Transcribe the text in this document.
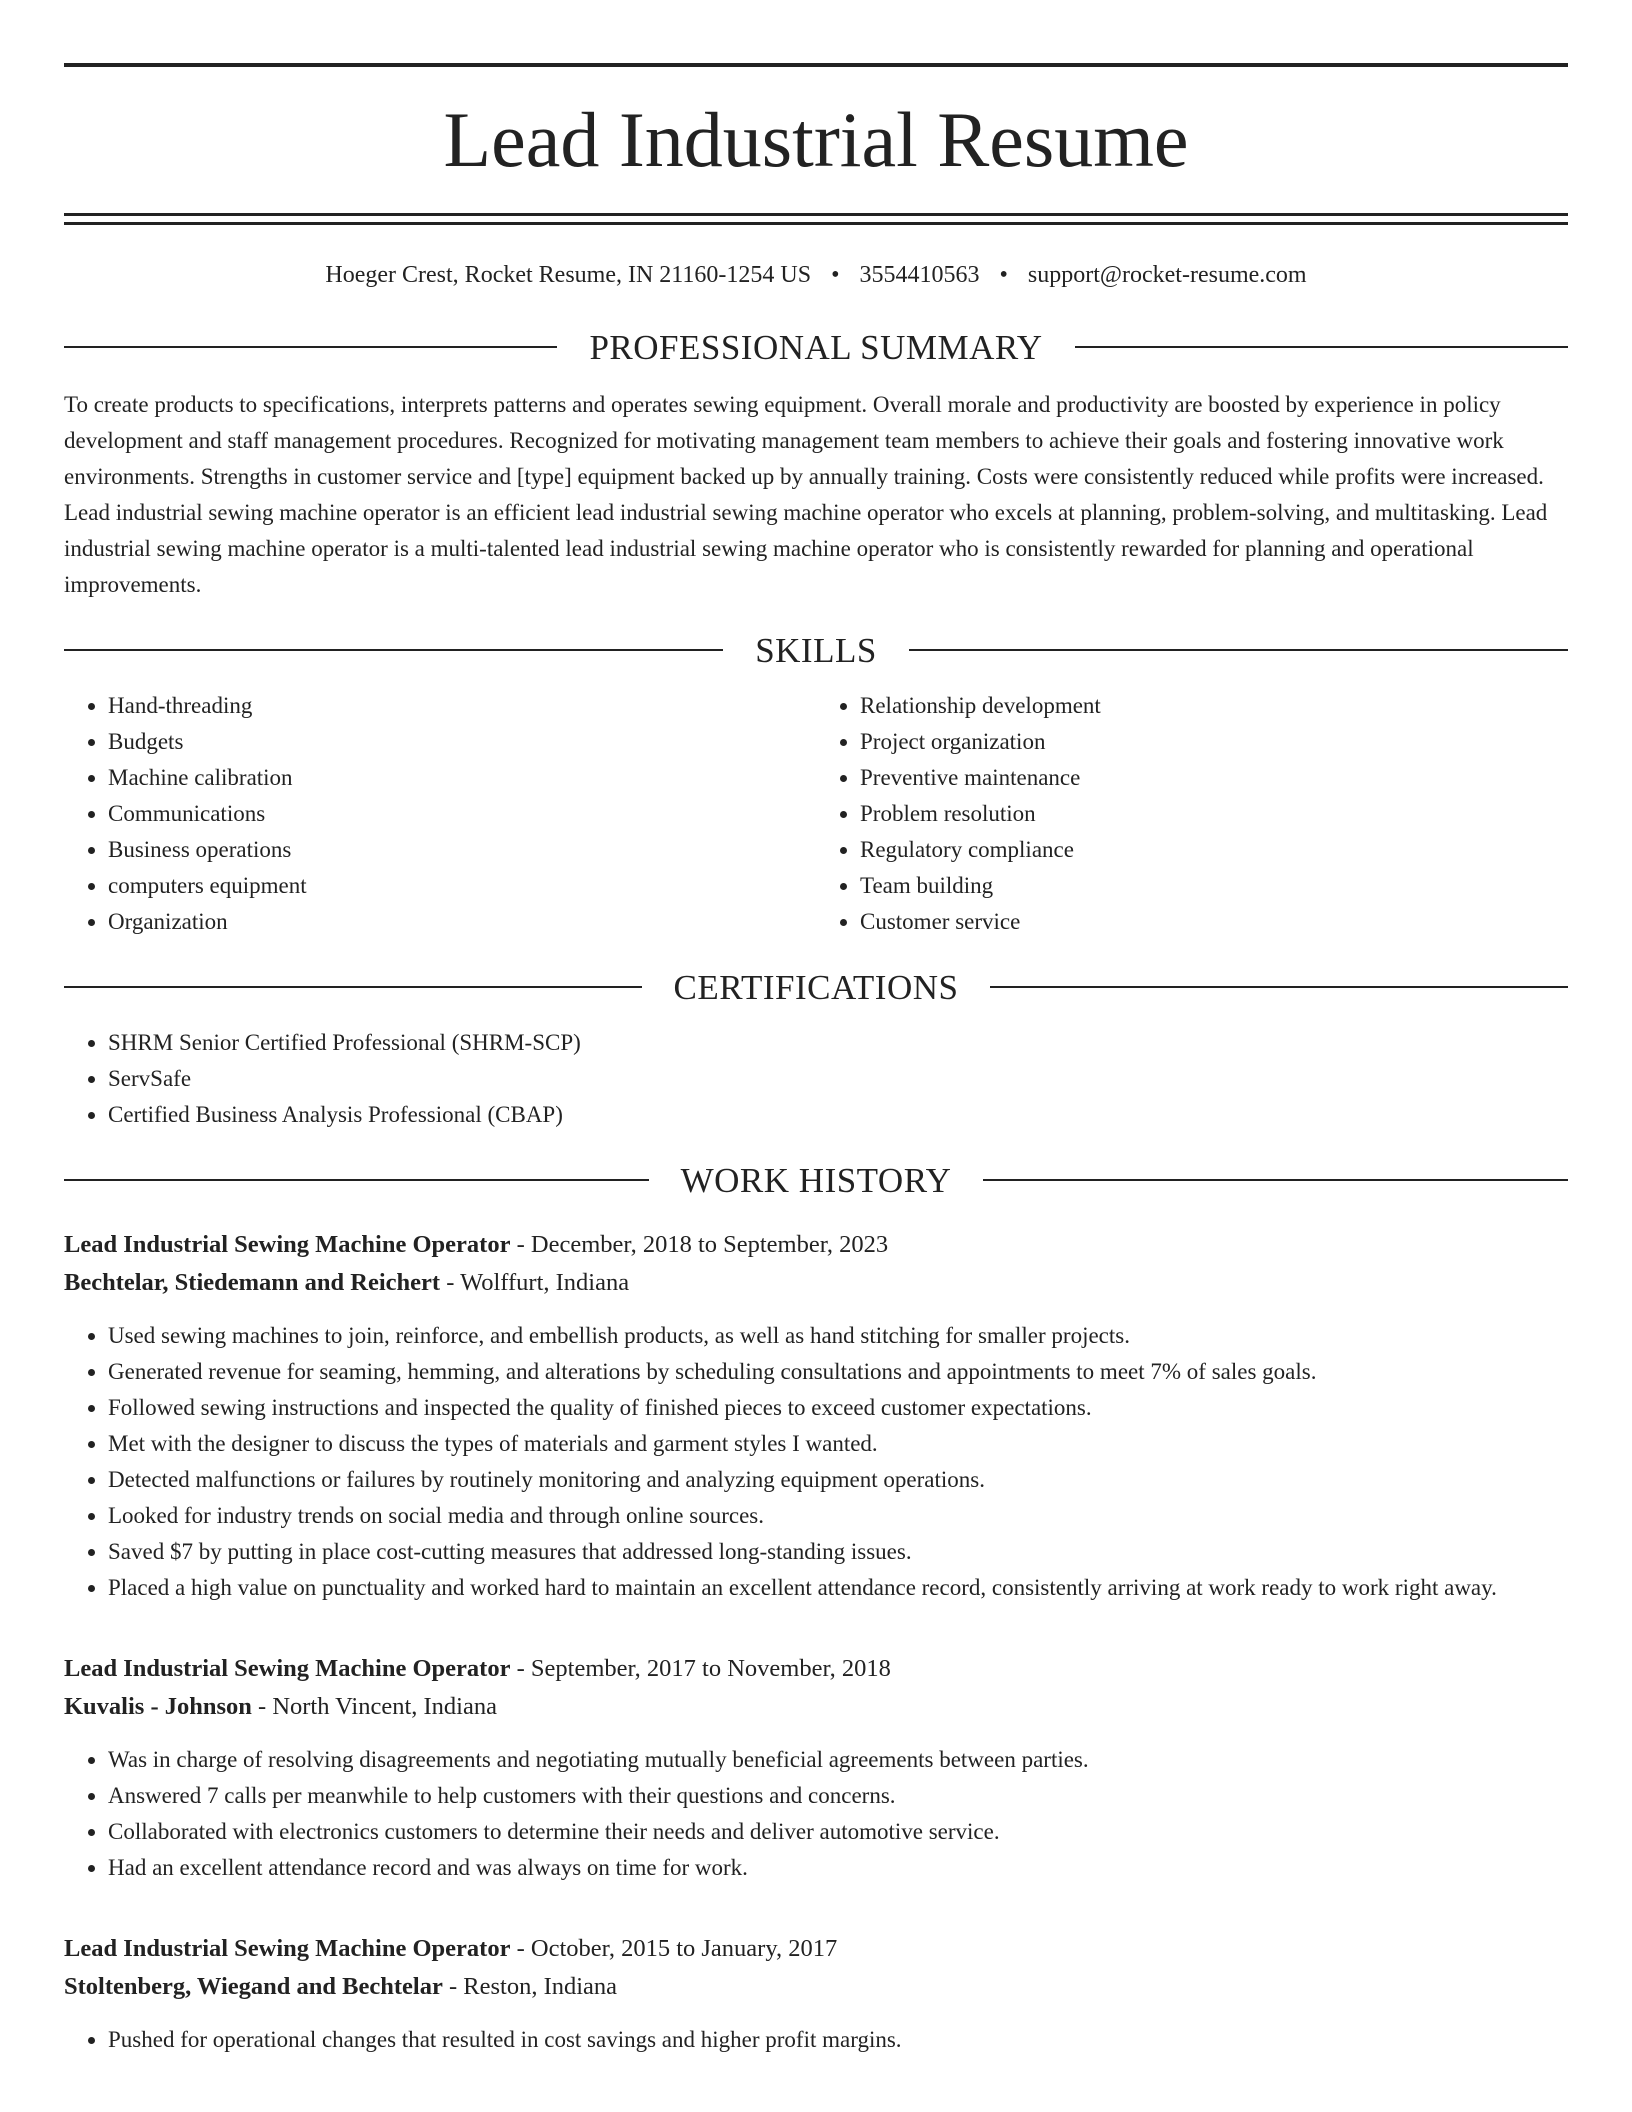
Lead Industrial Resume
Hoeger Crest, Rocket Resume, IN 21160-1254 US • 3554410563 • support@rocket-resume.com
PROFESSIONAL SUMMARY

To create products to specifications, interprets patterns and operates sewing equipment. Overall morale and productivity are boosted by experience in policy development and staff management procedures. Recognized for motivating management team members to achieve their goals and fostering innovative work environments. Strengths in customer service and [type] equipment backed up by annually training. Costs were consistently reduced while profits were increased. Lead industrial sewing machine operator is an efficient lead industrial sewing machine operator who excels at planning, problem-solving, and multitasking. Lead industrial sewing machine operator is a multi-talented lead industrial sewing machine operator who is consistently rewarded for planning and operational improvements.

SKILLS
• Hand-threading
• Budgets
• Machine calibration
• Communications
• Business operations
• computers equipment
• Organization
• Relationship development
• Project organization
• Preventive maintenance
• Problem resolution
• Regulatory compliance
• Team building
• Customer service
CERTIFICATIONS
• SHRM Senior Certified Professional (SHRM-SCP)
• ServSafe
• Certified Business Analysis Professional (CBAP)
WORK HISTORY
Lead Industrial Sewing Machine Operator - December, 2018 to September, 2023
Bechtelar, Stiedemann and Reichert - Wolffurt, Indiana
• Used sewing machines to join, reinforce, and embellish products, as well as hand stitching for smaller projects.
• Generated revenue for seaming, hemming, and alterations by scheduling consultations and appointments to meet 7% of sales goals.
• Followed sewing instructions and inspected the quality of finished pieces to exceed customer expectations.
• Met with the designer to discuss the types of materials and garment styles I wanted.
• Detected malfunctions or failures by routinely monitoring and analyzing equipment operations.
• Looked for industry trends on social media and through online sources.
• Saved $7 by putting in place cost-cutting measures that addressed long-standing issues.
• Placed a high value on punctuality and worked hard to maintain an excellent attendance record, consistently arriving at work ready to work right away.
Lead Industrial Sewing Machine Operator - September, 2017 to November, 2018
Kuvalis - Johnson - North Vincent, Indiana
• Was in charge of resolving disagreements and negotiating mutually beneficial agreements between parties.
• Answered 7 calls per meanwhile to help customers with their questions and concerns.
• Collaborated with electronics customers to determine their needs and deliver automotive service.
• Had an excellent attendance record and was always on time for work.
Lead Industrial Sewing Machine Operator - October, 2015 to January, 2017
Stoltenberg, Wiegand and Bechtelar - Reston, Indiana
• Pushed for operational changes that resulted in cost savings and higher profit margins.
